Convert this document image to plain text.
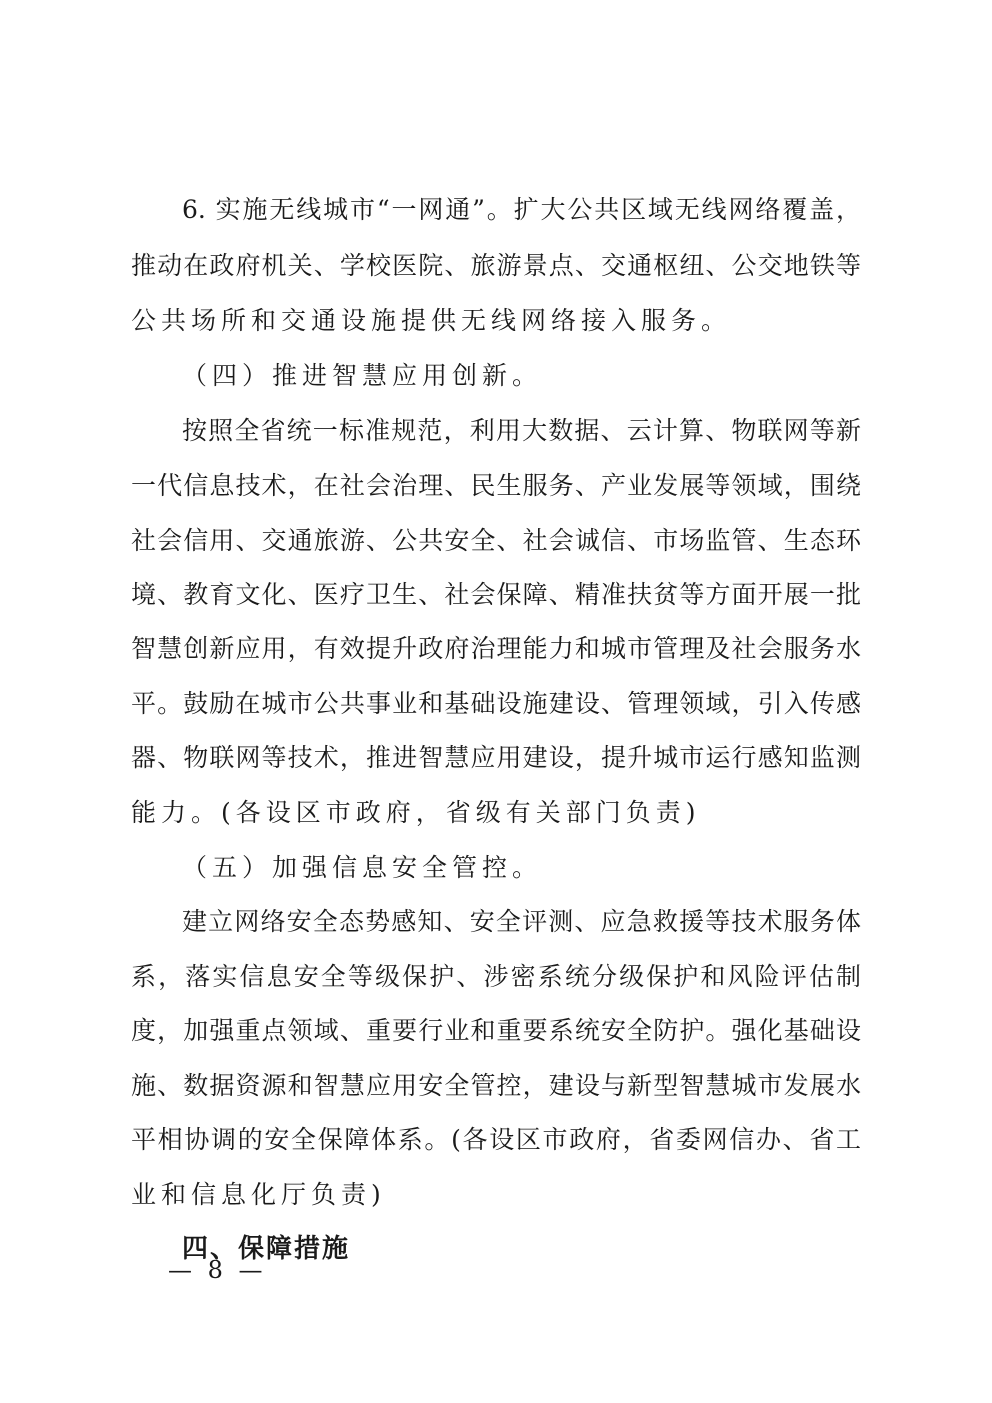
6. 实施无线城市“一网通”。扩大公共区域无线网络覆盖，
推动在政府机关、学校医院、旅游景点、交通枢纽、公交地铁等
公共场所和交通设施提供无线网络接入服务。
（四）推进智慧应用创新。
按照全省统一标准规范，利用大数据、云计算、物联网等新
一代信息技术，在社会治理、民生服务、产业发展等领域，围绕
社会信用、交通旅游、公共安全、社会诚信、市场监管、生态环
境、教育文化、医疗卫生、社会保障、精准扶贫等方面开展一批
智慧创新应用，有效提升政府治理能力和城市管理及社会服务水
平。鼓励在城市公共事业和基础设施建设、管理领域，引入传感
器、物联网等技术，推进智慧应用建设，提升城市运行感知监测
能力。(各设区市政府，省级有关部门负责)
（五）加强信息安全管控。
建立网络安全态势感知、安全评测、应急救援等技术服务体
系，落实信息安全等级保护、涉密系统分级保护和风险评估制
度，加强重点领域、重要行业和重要系统安全防护。强化基础设
施、数据资源和智慧应用安全管控，建设与新型智慧城市发展水
平相协调的安全保障体系。(各设区市政府，省委网信办、省工
业和信息化厅负责)
四、保障措施
— 8 —
